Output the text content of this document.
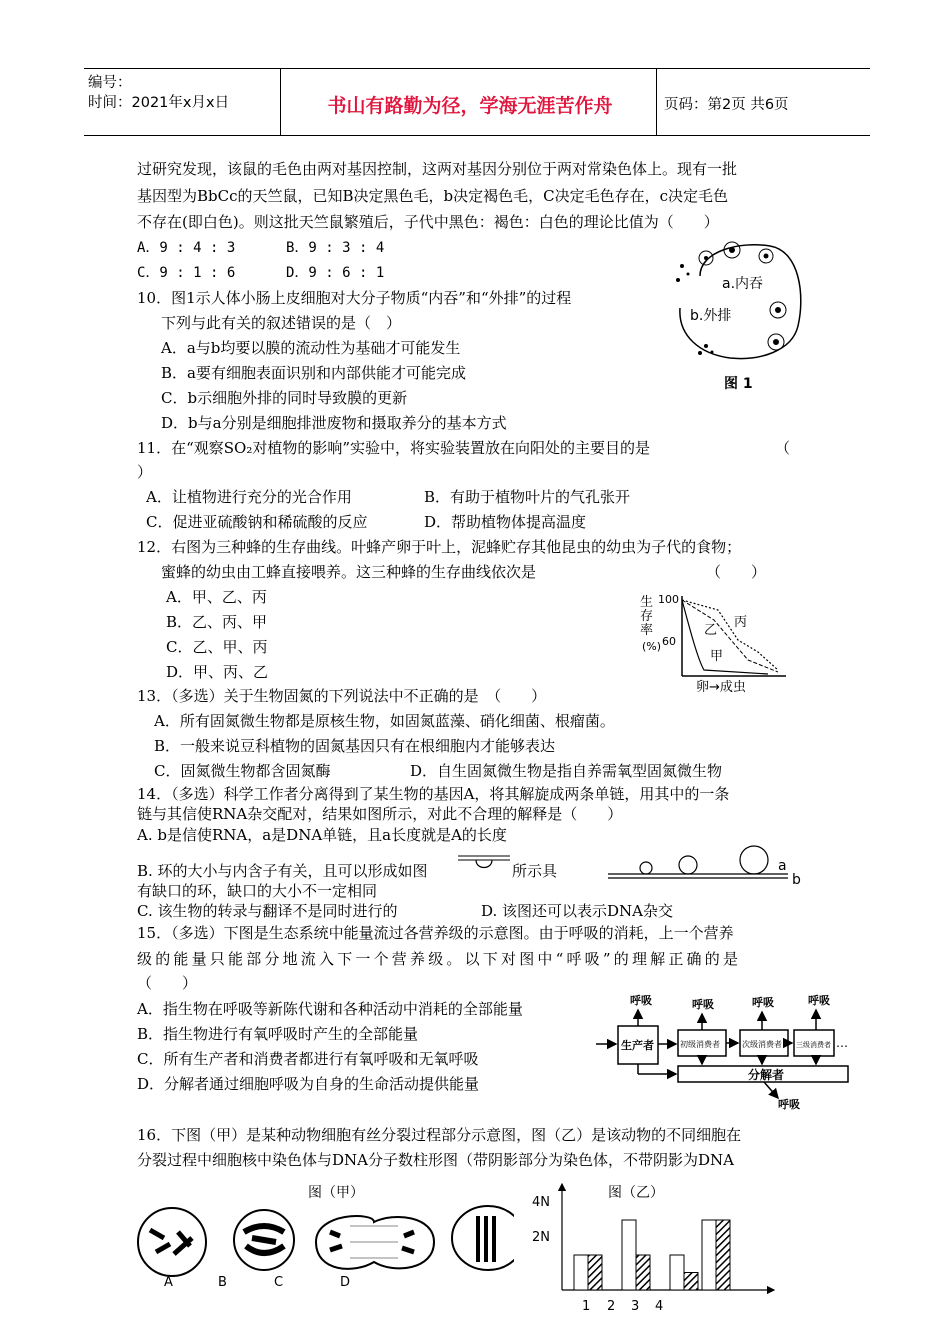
编号：
时间：2021年x月x日	书山有路勤为径，学海无涯苦作舟	页码：第2页 共6页
过研究发现，该鼠的毛色由两对基因控制，这两对基因分别位于两对常染色体上。现有一批
基因型为BbCc的天竺鼠，已知B决定黑色毛，b决定褐色毛，C决定毛色存在，c决定毛色
不存在(即白色)。则这批天竺鼠繁殖后，子代中黑色：褐色：白色的理论比值为（　　）
A．9 : 4 : 3	B．9 : 3 : 4
C．9 : 1 : 6	D．9 : 6 : 1
10．图1示人体小肠上皮细胞对大分子物质“内吞”和“外排”的过程
下列与此有关的叙述错误的是（　）
A．a与b均要以膜的流动性为基础才可能发生
B．a要有细胞表面识别和内部供能才可能完成
C．b示细胞外排的同时导致膜的更新
D．b与a分别是细胞排泄废物和摄取养分的基本方式
a.内吞
b.外排
图 1
11．在“观察SO₂对植物的影响”实验中，将实验装置放在向阳处的主要目的是	（
）
A．让植物进行充分的光合作用	B．有助于植物叶片的气孔张开
C．促进亚硫酸钠和稀硫酸的反应	D．帮助植物体提高温度
12．右图为三种蜂的生存曲线。叶蜂产卵于叶上，泥蜂贮存其他昆虫的幼虫为子代的食物；
蜜蜂的幼虫由工蜂直接喂养。这三种蜂的生存曲线依次是	（　　）
A．甲、乙、丙
B．乙、丙、甲
C．乙、甲、丙
D．甲、丙、乙
生
存
率
(%)
100
60
乙
丙
甲
卵→成虫
13．（多选）关于生物固氮的下列说法中不正确的是　（　　）
A．所有固氮微生物都是原核生物，如固氮蓝藻、硝化细菌、根瘤菌。
B．一般来说豆科植物的固氮基因只有在根细胞内才能够表达
C．固氮微生物都含固氮酶	D．自生固氮微生物是指自养需氧型固氮微生物
14．（多选）科学工作者分离得到了某生物的基因A，将其解旋成两条单链，用其中的一条
链与其信使RNA杂交配对，结果如图所示，对此不合理的解释是（　　）
A. b是信使RNA，a是DNA单链，且a长度就是A的长度
B. 环的大小与内含子有关，且可以形成如图	所示具
有缺口的环，缺口的大小不一定相同
C. 该生物的转录与翻译不是同时进行的	D. 该图还可以表示DNA杂交
a
b
15．（多选）下图是生态系统中能量流过各营养级的示意图。由于呼吸的消耗，上一个营养
级的能量只能部分地流入下一个营养级。以下对图中“呼吸”的理解正确的是
（　　）
A．指生物在呼吸等新陈代谢和各种活动中消耗的全部能量
B．指生物进行有氧呼吸时产生的全部能量
C．所有生产者和消费者都进行有氧呼吸和无氧呼吸
D．分解者通过细胞呼吸为自身的生命活动提供能量
呼吸	呼吸	呼吸	呼吸
生产者	初级消费者	次级消费者 三级消费者 …
分解者
呼吸
16．下图（甲）是某种动物细胞有丝分裂过程部分示意图，图（乙）是该动物的不同细胞在
分裂过程中细胞核中染色体与DNA分子数柱形图（带阴影部分为染色体，不带阴影为DNA
图（甲）	图（乙）
A	B	C	D
4N
2N
1 2 3 4
